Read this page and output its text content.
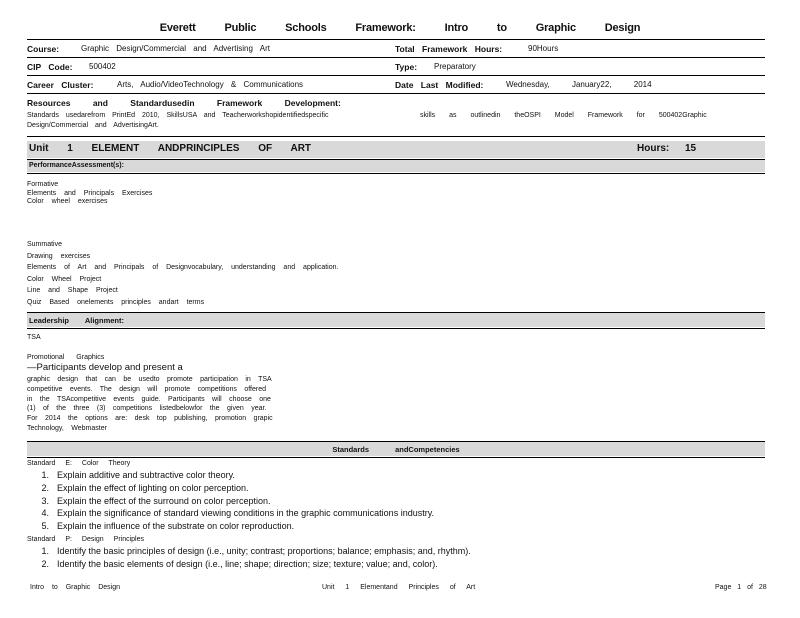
Everett Public Schools Framework: Intro to Graphic Design
Course:	Graphic Design/Commercial and Advertising Art	Total Framework Hours:	90Hours
CIP Code: 500402	Type: Preparatory
Career Cluster:	Arts, Audio/VideoTechnology & Communications	Date Last Modified:	Wednesday, January22, 2014
Resources and Standardusedin Framework Development:
Standards usedarefrom PrintEd 2010, SkillsUSA and Teacherworkshopidentifiedspecific	skills as outlinedin theOSPI Model Framework for 500402Graphic
Design/Commercial and AdvertisingArt.
Unit 1 ELEMENT ANDPRINCIPLES OF ART	Hours: 15
PerformanceAssessment(s):
Formative
Elements and Principals Exercises
Color wheel exercises
Summative
Drawing exercises
Elements of Art and Principals of Designvocabulary, understanding and application.
Color Wheel Project
Line and Shape Project
Quiz Based onelements principles andart terms
Leadership Alignment:
TSA
Promotional Graphics
—Participants develop and present a
graphic design that can be usedto promote participation in TSA
competitive events. The design will promote competitions offered
in the TSAcompetitive events guide. Participants will choose one
(1) of the three (3) competitions listedbelowfor the given year.
For 2014 the options are: desk top publishing, promotion grapic
Technology, Webmaster
Standards andCompetencies
Standard E: Color Theory
1. Explain additive and subtractive color theory.
2. Explain the effect of lighting on color perception.
3. Explain the effect of the surround on color perception.
4. Explain the significance of standard viewing conditions in the graphic communications industry.
5. Explain the influence of the substrate on color reproduction.
Standard P: Design Principles
1. Identify the basic principles of design (i.e., unity; contrast; proportions; balance; emphasis; and, rhythm).
2. Identify the basic elements of design (i.e., line; shape; direction; size; texture; value; and, color).
Intro to Graphic Design	Unit 1 Elementand Principles of Art	Page 1 of 28
